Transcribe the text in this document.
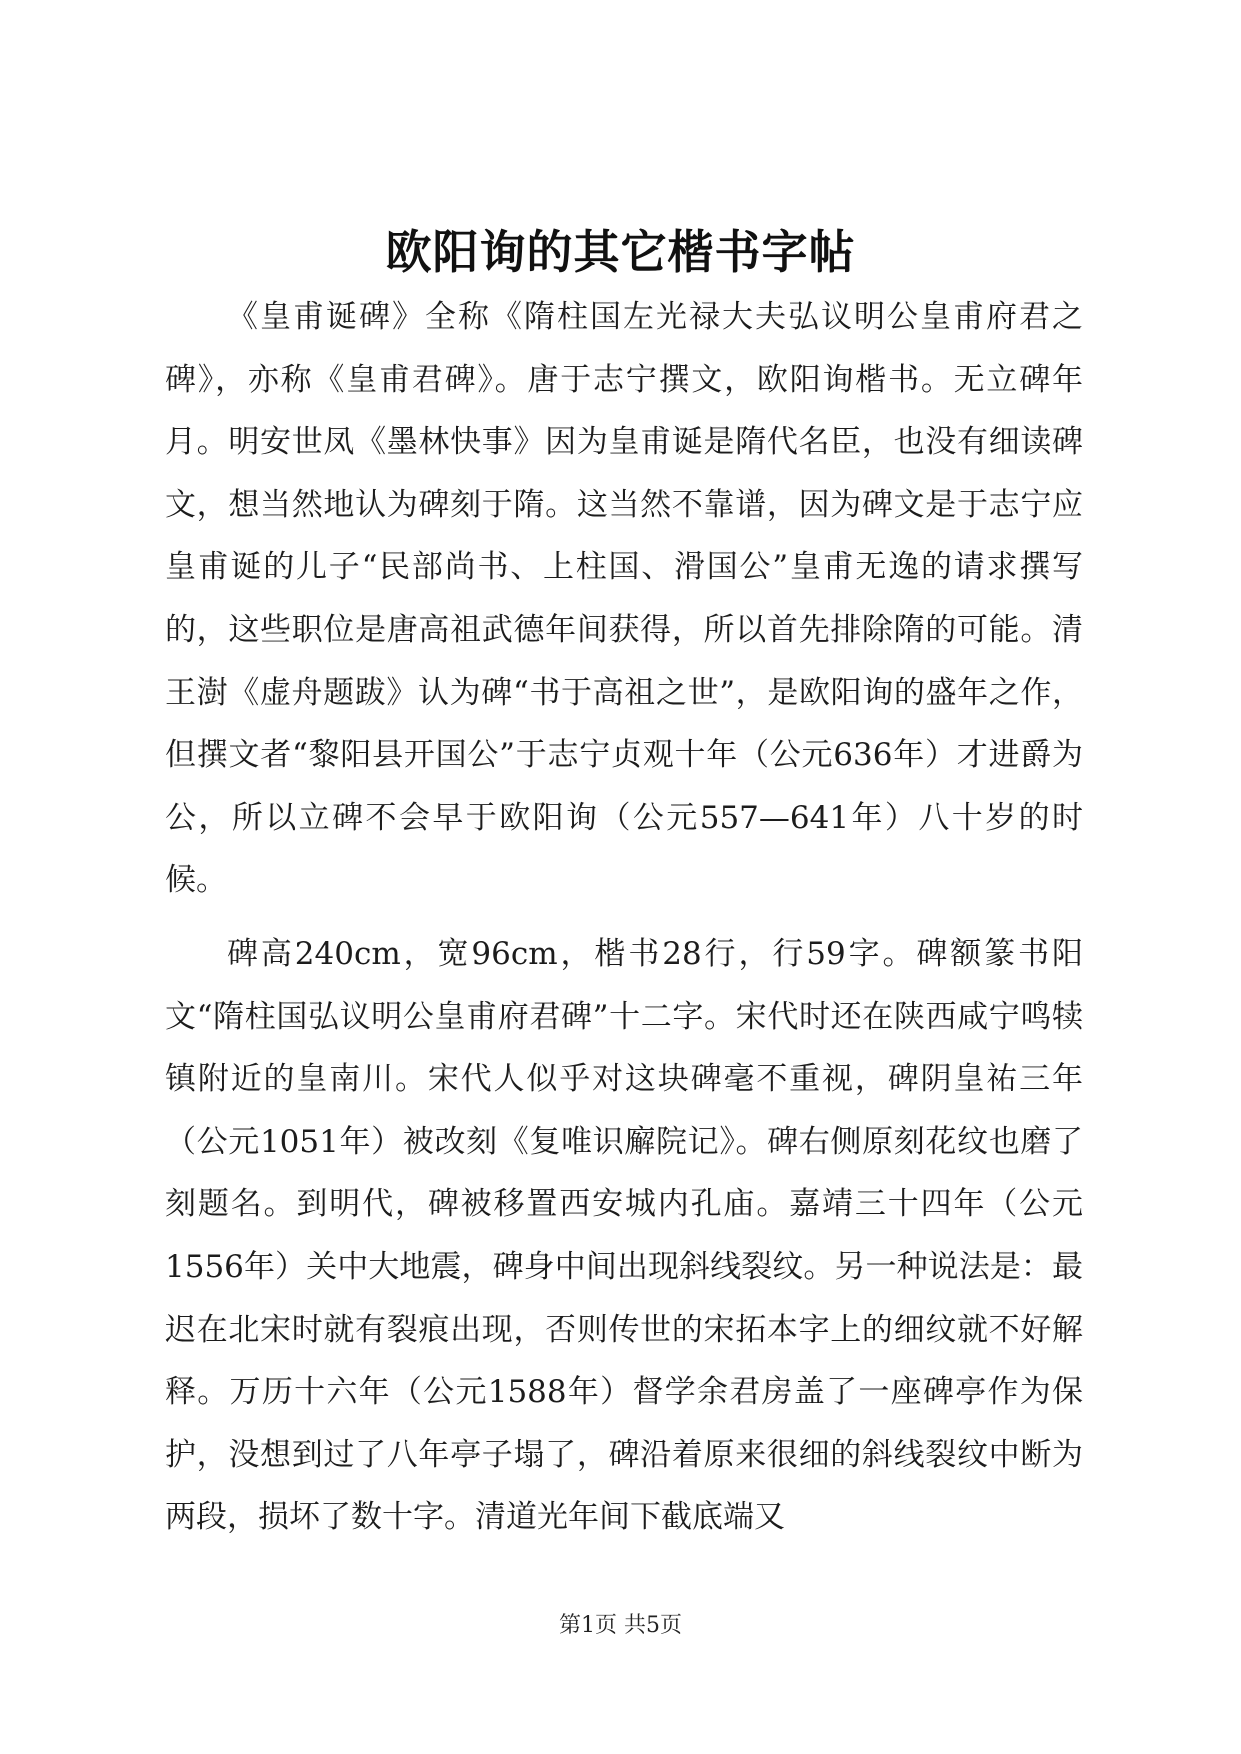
欧阳询的其它楷书字帖

《皇甫诞碑》全称《隋柱国左光禄大夫弘议明公皇甫府君之碑》，亦称《皇甫君碑》。唐于志宁撰文，欧阳询楷书。无立碑年月。明安世凤《墨林快事》因为皇甫诞是隋代名臣，也没有细读碑文，想当然地认为碑刻于隋。这当然不靠谱，因为碑文是于志宁应皇甫诞的儿子“民部尚书、上柱国、滑国公”皇甫无逸的请求撰写的，这些职位是唐高祖武德年间获得，所以首先排除隋的可能。清王澍《虚舟题跋》认为碑“书于高祖之世”，是欧阳询的盛年之作，但撰文者“黎阳县开国公”于志宁贞观十年（公元636年）才进爵为公，所以立碑不会早于欧阳询（公元557—641年）八十岁的时候。

碑高240cm，宽96cm，楷书28行，行59字。碑额篆书阳文“隋柱国弘议明公皇甫府君碑”十二字。宋代时还在陕西咸宁鸣犊镇附近的皇南川。宋代人似乎对这块碑毫不重视，碑阴皇祐三年（公元1051年）被改刻《复唯识廨院记》。碑右侧原刻花纹也磨了刻题名。到明代，碑被移置西安城内孔庙。嘉靖三十四年（公元1556年）关中大地震，碑身中间出现斜线裂纹。另一种说法是：最迟在北宋时就有裂痕出现，否则传世的宋拓本字上的细纹就不好解释。万历十六年（公元1588年）督学余君房盖了一座碑亭作为保护，没想到过了八年亭子塌了，碑沿着原来很细的斜线裂纹中断为两段，损坏了数十字。清道光年间下截底端又

第1页 共5页
